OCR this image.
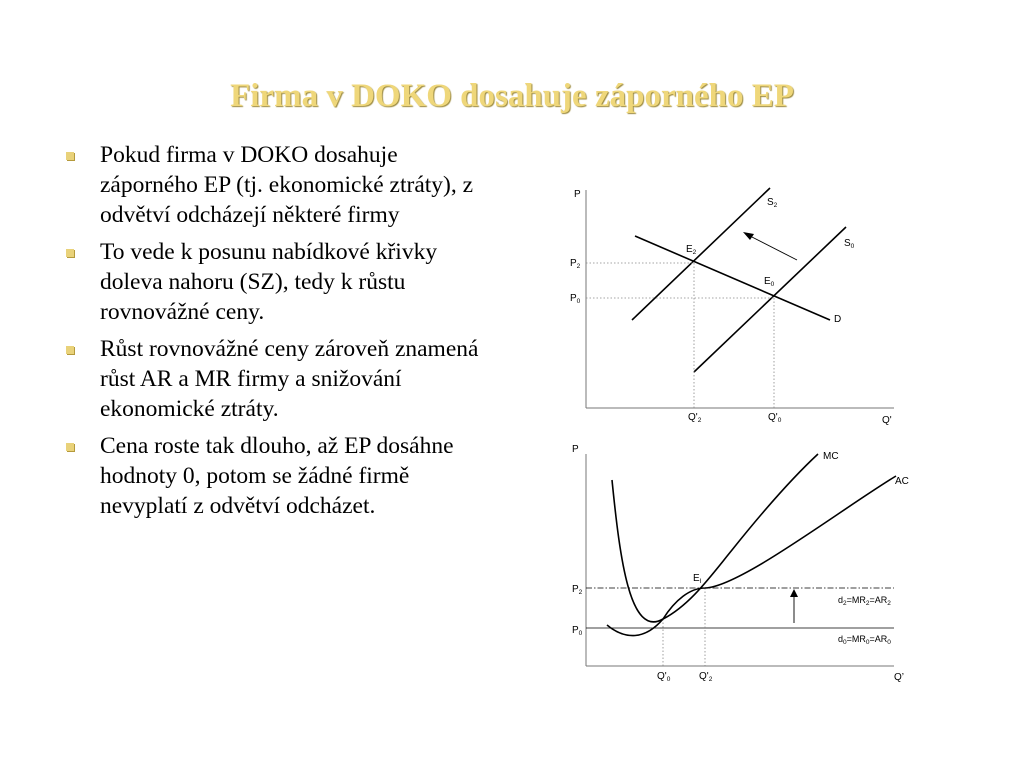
Firma v DOKO dosahuje záporného EP
Pokud firma v DOKO dosahuje záporného EP (tj. ekonomické ztráty), z odvětví odcházejí některé firmy
To vede k posunu nabídkové křivky doleva nahoru (SZ), tedy k růstu rovnovážné ceny.
Růst rovnovážné ceny zároveň znamená růst AR a MR firmy a snižování ekonomické ztráty.
Cena roste tak dlouho, až EP dosáhne hodnoty 0, potom se žádné firmě nevyplatí z odvětví odcházet.
P
Q'
$P_2$
$P_0$
$Q'_2$	$Q'_0$
$S_2$
$S_0$
D
$E_2$
$E_0$
P
Q’
MC
AC
$E_I$
$P_2$
$P_0$
$Q'_0$	$Q'_2$
$d_2=MR_2=AR_2$
$d_0=MR_0=AR_0$
